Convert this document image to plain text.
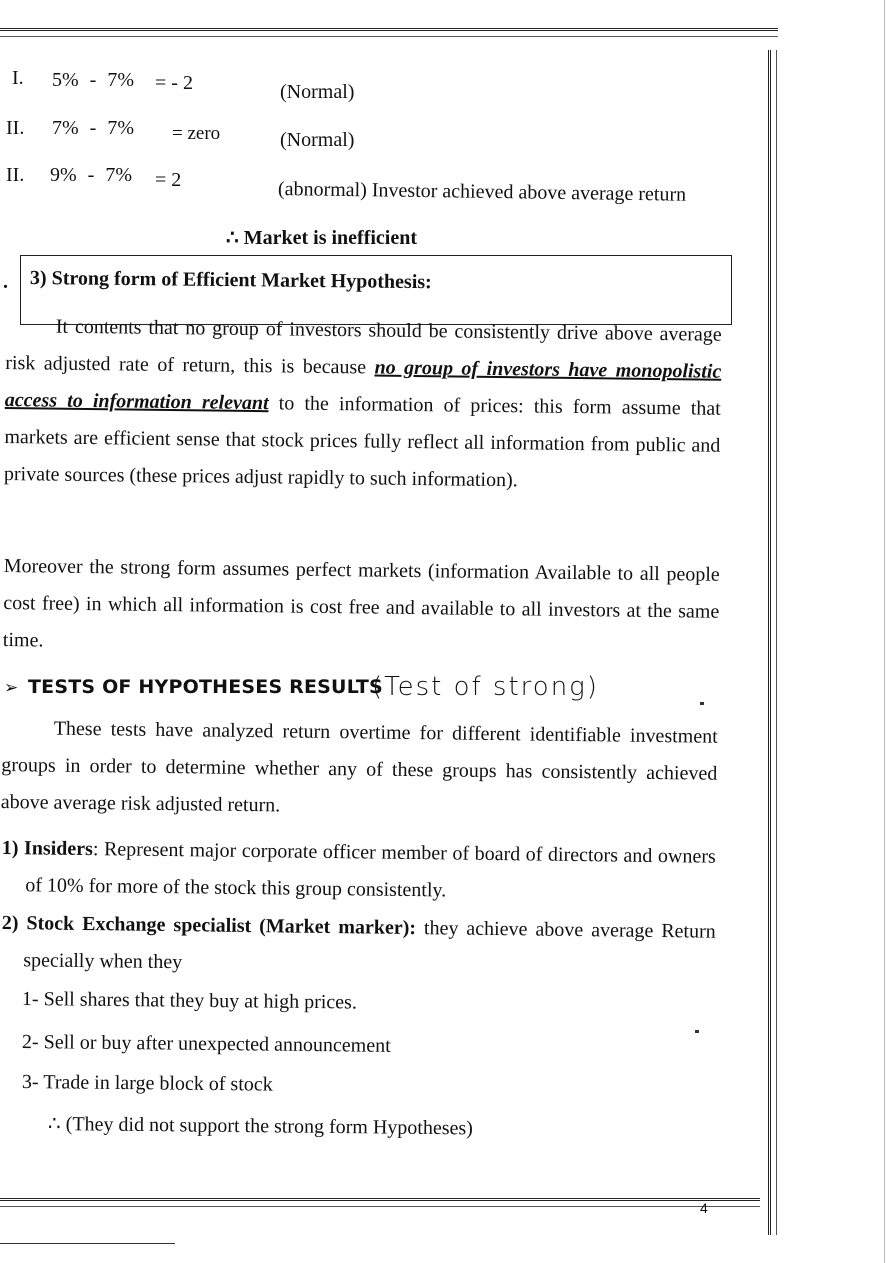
I. 5% - 7% = - 2	(Normal)
II. 7% - 7% = zero	(Normal)
II. 9% - 7% = 2	(abnormal) Investor achieved above average return
∴ Market is inefficient
. 3) Strong form of Efficient Market Hypothesis:
It contents that no group of investors should be consistently drive above average risk adjusted rate of return, this is because no group of investors have monopolistic access to information relevant to the information of prices: this form assume that markets are efficient sense that stock prices fully reflect all information from public and private sources (these prices adjust rapidly to such information).
Moreover the strong form assumes perfect markets (information Available to all people cost free) in which all information is cost free and available to all investors at the same time.
➢ TESTS OF HYPOTHESES RESULTS
(Test of strong)
These tests have analyzed return overtime for different identifiable investment groups in order to determine whether any of these groups has consistently achieved above average risk adjusted return.
1) Insiders: Represent major corporate officer member of board of directors and owners of 10% for more of the stock this group consistently.
2) Stock Exchange specialist (Market marker): they achieve above average Return specially when they
1- Sell shares that they buy at high prices.
2- Sell or buy after unexpected announcement
3- Trade in large block of stock
∴ (They did not support the strong form Hypotheses)
4
